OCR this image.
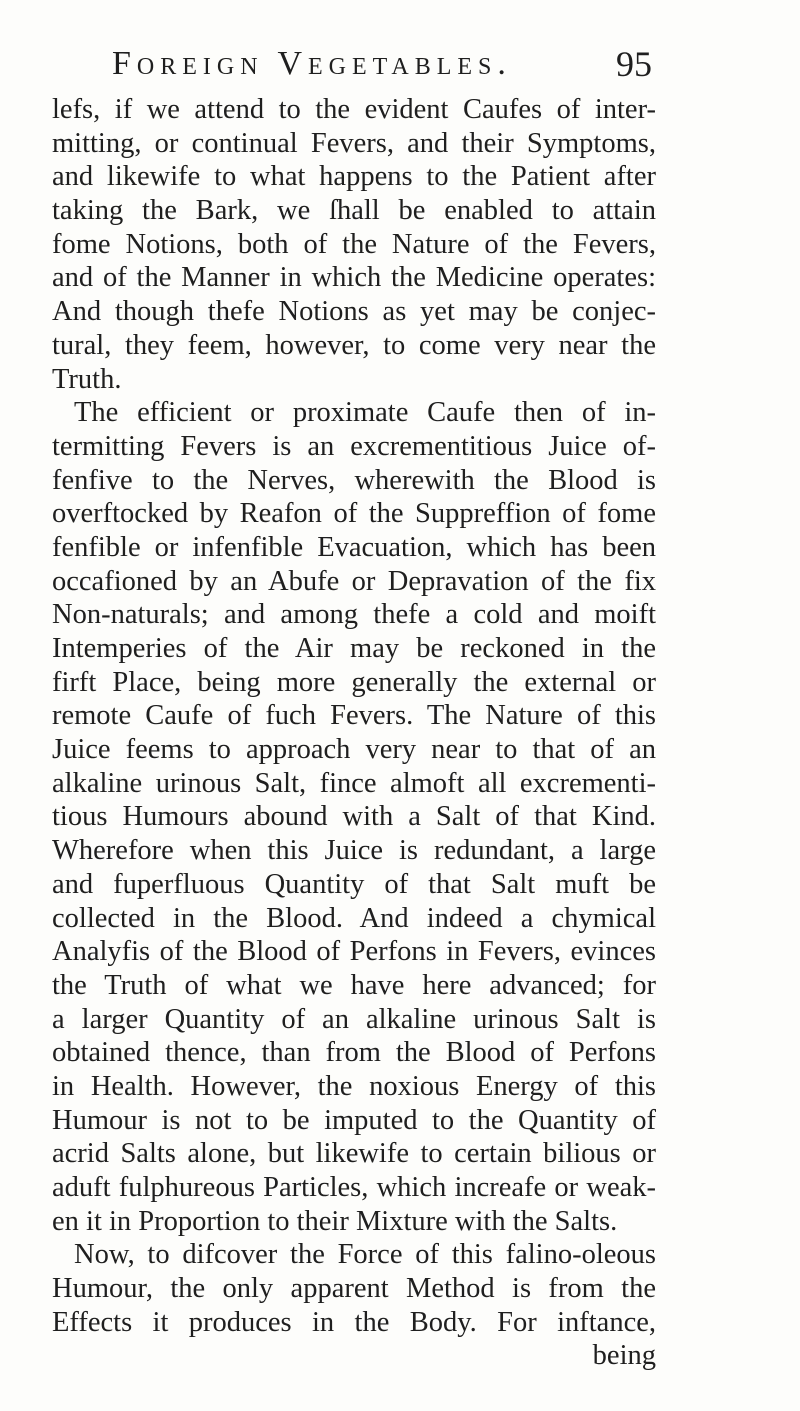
Foreign Vegetables.	95
lefs, if we attend to the evident Caufes of inter-
mitting, or continual Fevers, and their Symptoms,
and likewife to what happens to the Patient after
taking the Bark, we ſhall be enabled to attain
fome Notions, both of the Nature of the Fevers,
and of the Manner in which the Medicine operates:
And though thefe Notions as yet may be conjec-
tural, they feem, however, to come very near the
Truth.
The efficient or proximate Caufe then of in-
termitting Fevers is an excrementitious Juice of-
fenfive to the Nerves, wherewith the Blood is
overftocked by Reafon of the Suppreffion of fome
fenfible or infenfible Evacuation, which has been
occafioned by an Abufe or Depravation of the fix
Non-naturals; and among thefe a cold and moift
Intemperies of the Air may be reckoned in the
firft Place, being more generally the external or
remote Caufe of fuch Fevers. The Nature of this
Juice feems to approach very near to that of an
alkaline urinous Salt, fince almoft all excrementi-
tious Humours abound with a Salt of that Kind.
Wherefore when this Juice is redundant, a large
and fuperfluous Quantity of that Salt muft be
collected in the Blood. And indeed a chymical
Analyfis of the Blood of Perfons in Fevers, evinces
the Truth of what we have here advanced; for
a larger Quantity of an alkaline urinous Salt is
obtained thence, than from the Blood of Perfons
in Health. However, the noxious Energy of this
Humour is not to be imputed to the Quantity of
acrid Salts alone, but likewife to certain bilious or
aduft fulphureous Particles, which increafe or weak-
en it in Proportion to their Mixture with the Salts.
Now, to difcover the Force of this falino-oleous
Humour, the only apparent Method is from the
Effects it produces in the Body. For inftance,
being
